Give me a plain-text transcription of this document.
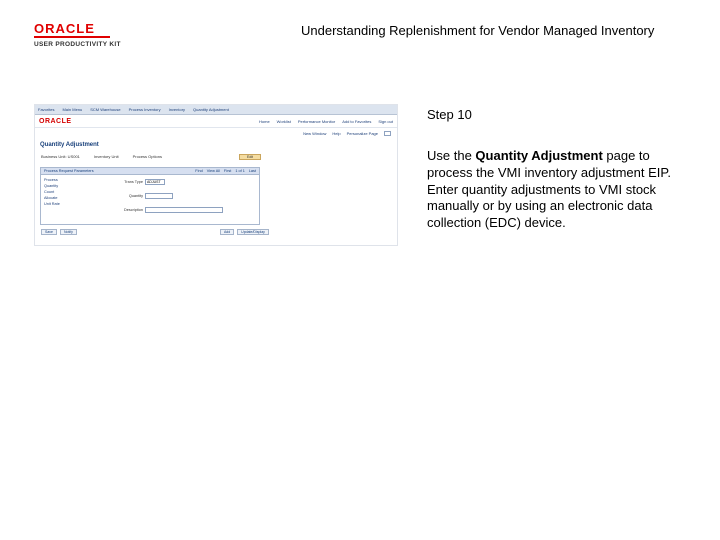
ORACLE
USER PRODUCTIVITY KIT
Understanding Replenishment for Vendor Managed Inventory
Favorites Main Menu SCM Warehouse Process Inventory Inventory Quantity Adjustment
ORACLE	Home Worklist Performance Monitor Add to Favorites Sign out
New Window Help Personalize Page
Quantity Adjustment
Business Unit: US001	Inventory Unit	Process Options	Edit
Process Request Parameters	Find View All First 1 of 1 Last
Process
Quantity
Count
Allocate
Unit Rate
Trans Type	ADJUST
Quantity
Description
Save	Notify	Add	Update/Display
Step 10
Use the Quantity Adjustment page to process the VMI inventory adjustment EIP. Enter quantity adjustments to VMI stock manually or by using an electronic data collection (EDC) device.
